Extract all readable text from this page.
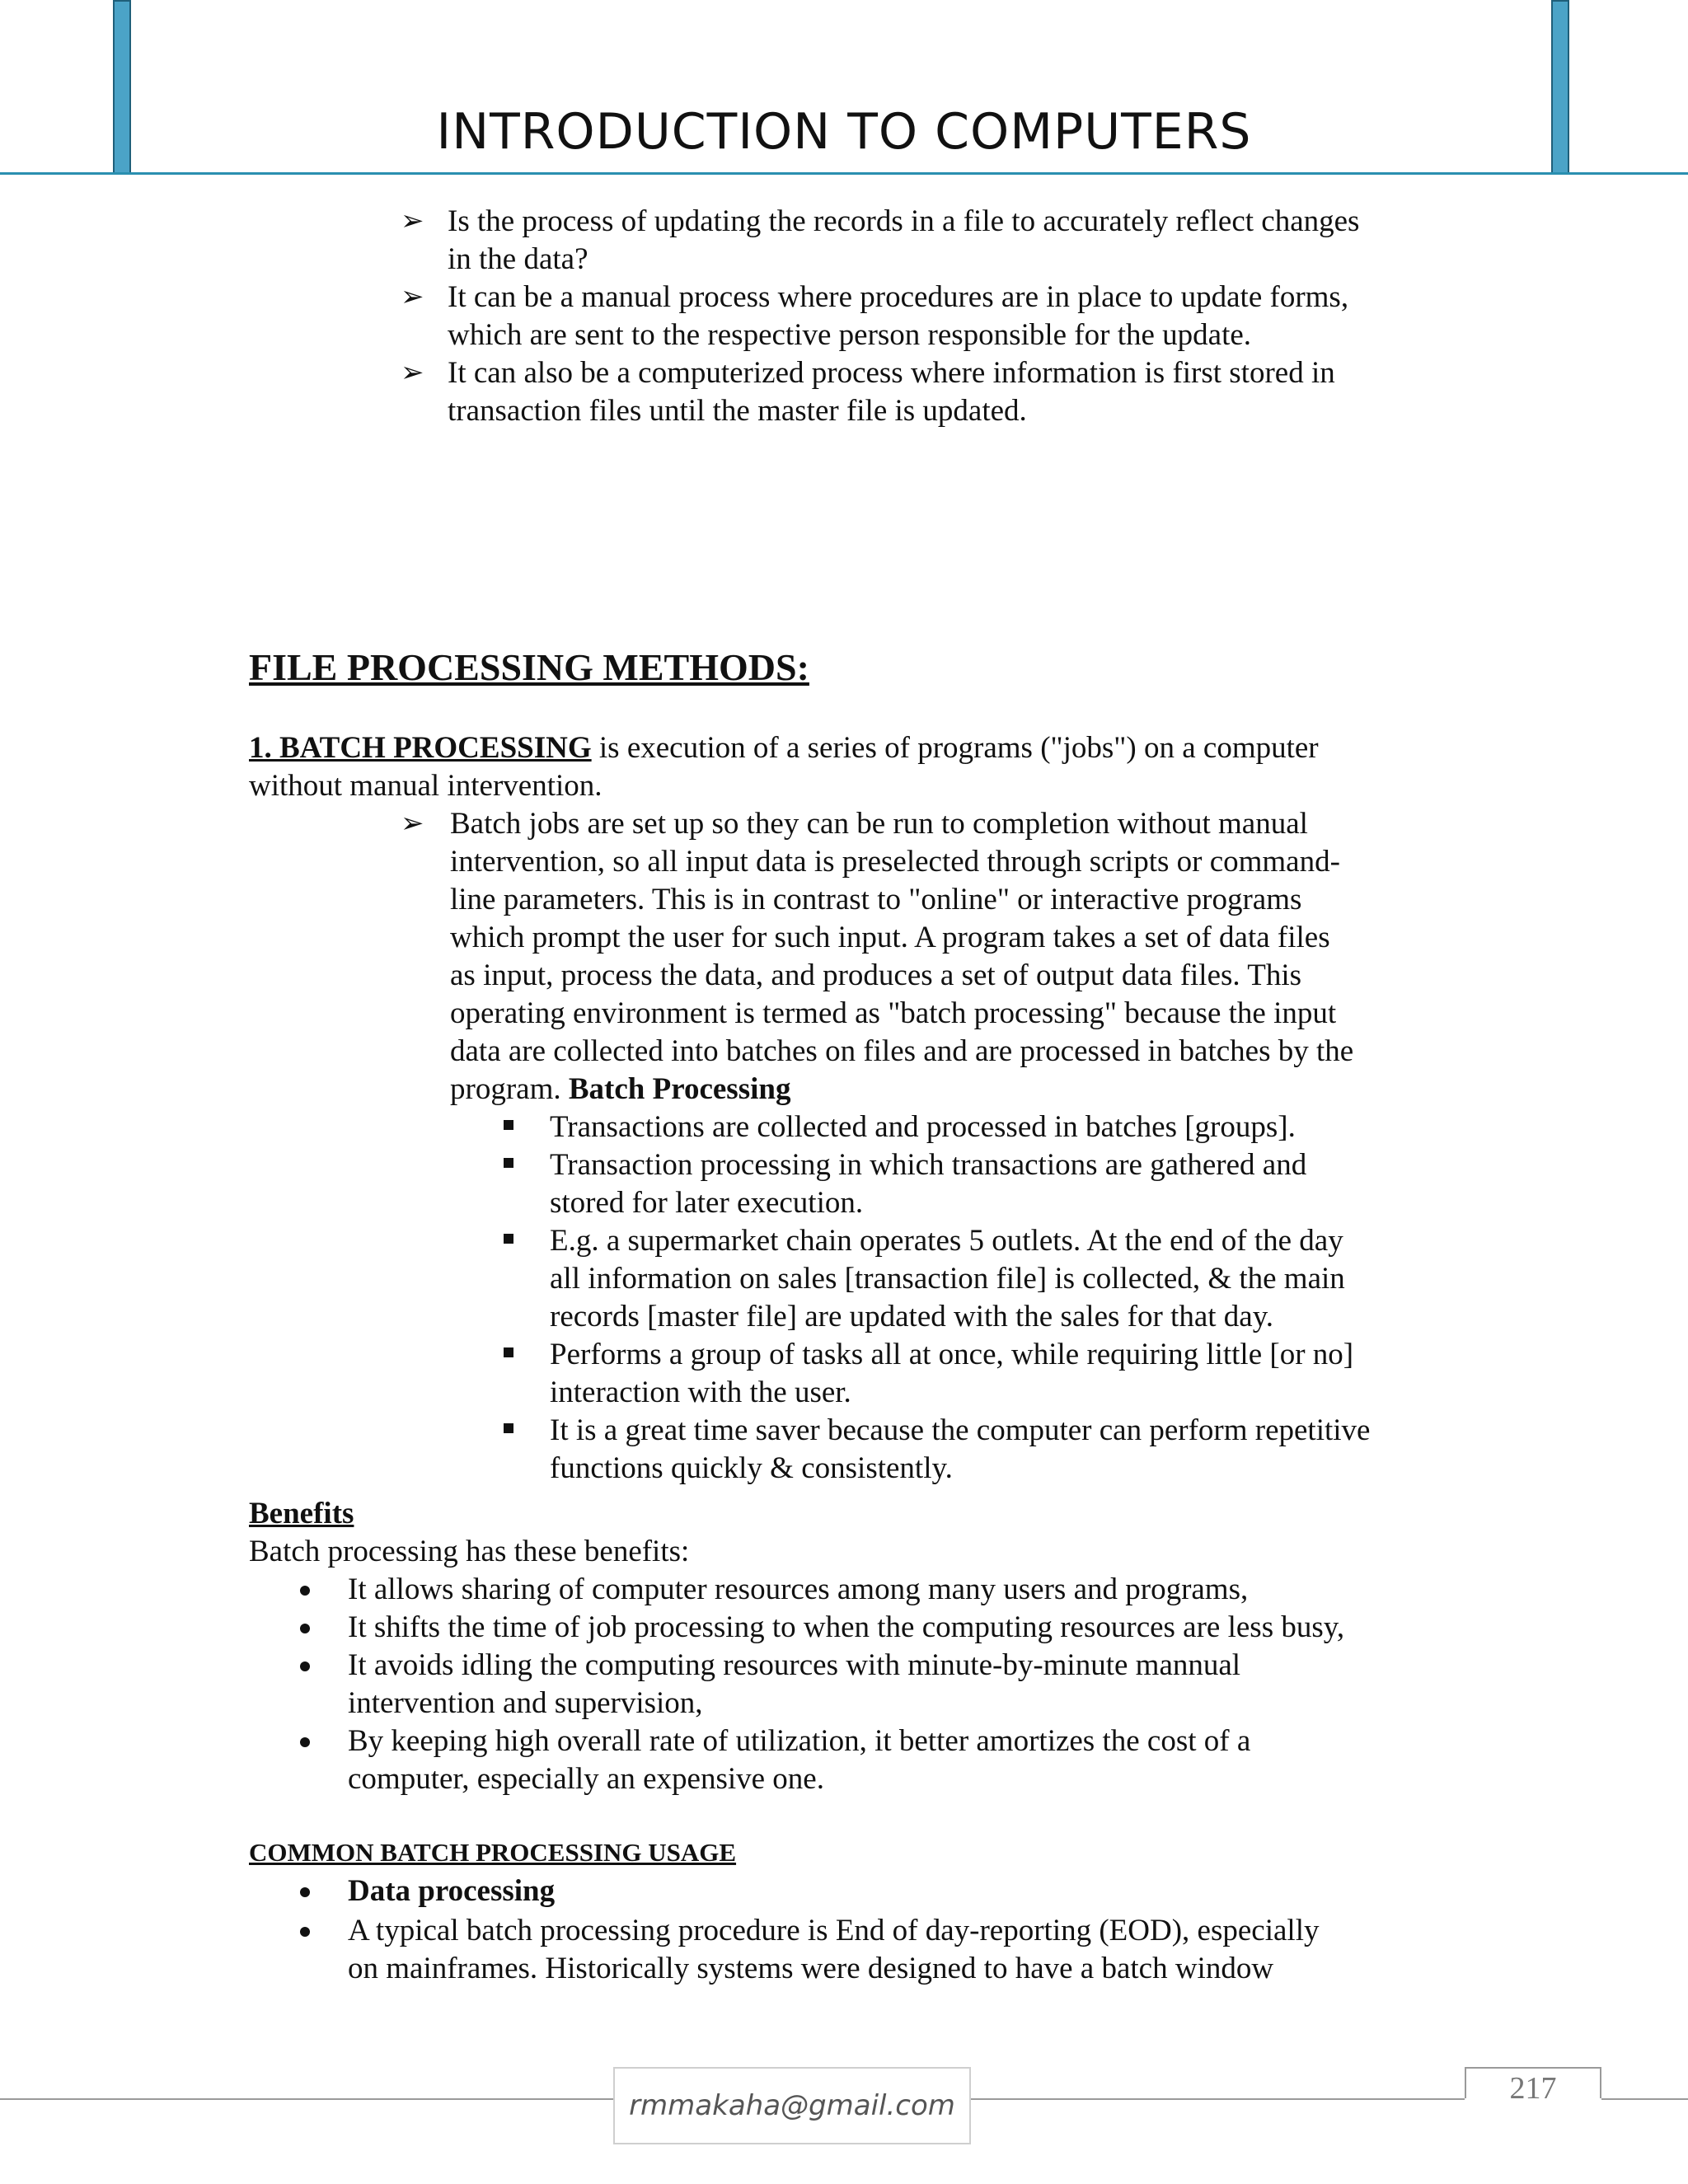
INTRODUCTION TO COMPUTERS
➢ Is the process of updating the records in a file to accurately reflect changes
in the data?
➢ It can be a manual process where procedures are in place to update forms,
which are sent to the respective person responsible for the update.
➢ It can also be a computerized process where information is first stored in
transaction files until the master file is updated.
FILE PROCESSING METHODS:
1. BATCH PROCESSING is execution of a series of programs ("jobs") on a computer
without manual intervention.
➢ Batch jobs are set up so they can be run to completion without manual
intervention, so all input data is preselected through scripts or command-
line parameters. This is in contrast to "online" or interactive programs
which prompt the user for such input. A program takes a set of data files
as input, process the data, and produces a set of output data files. This
operating environment is termed as "batch processing" because the input
data are collected into batches on files and are processed in batches by the
program. Batch Processing
Transactions are collected and processed in batches [groups].
Transaction processing in which transactions are gathered and
stored for later execution.
E.g. a supermarket chain operates 5 outlets. At the end of the day
all information on sales [transaction file] is collected, & the main
records [master file] are updated with the sales for that day.
Performs a group of tasks all at once, while requiring little [or no]
interaction with the user.
It is a great time saver because the computer can perform repetitive
functions quickly & consistently.
Benefits
Batch processing has these benefits:
It allows sharing of computer resources among many users and programs,
It shifts the time of job processing to when the computing resources are less busy,
It avoids idling the computing resources with minute-by-minute mannual
intervention and supervision,
By keeping high overall rate of utilization, it better amortizes the cost of a
computer, especially an expensive one.
COMMON BATCH PROCESSING USAGE
Data processing
A typical batch processing procedure is End of day-reporting (EOD), especially
on mainframes. Historically systems were designed to have a batch window
rmmakaha@gmail.com	217
